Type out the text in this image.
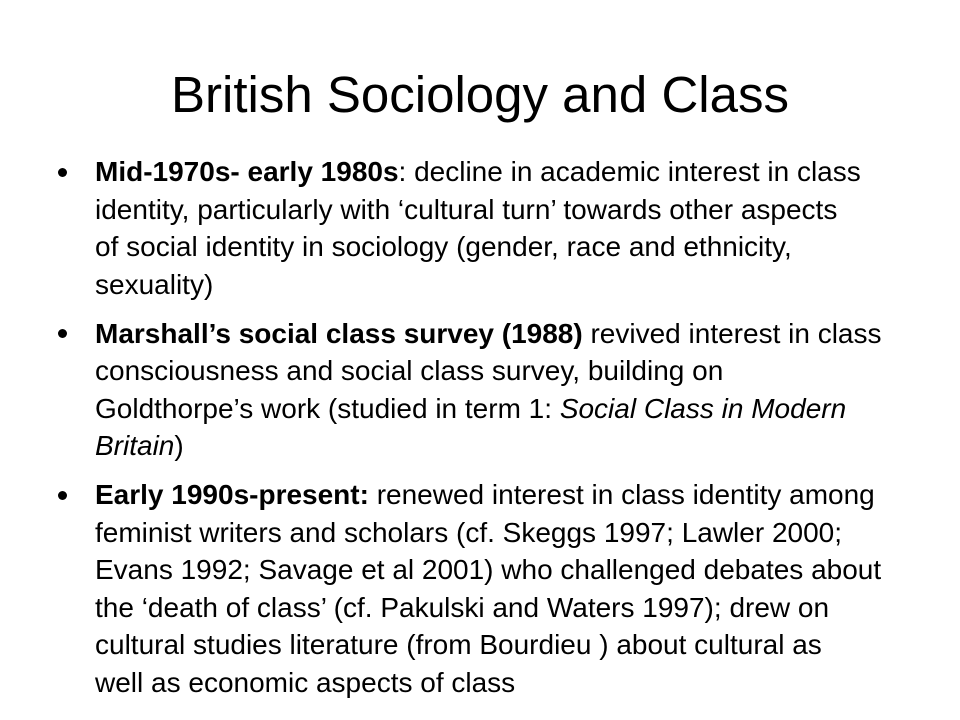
British Sociology and Class
Mid-1970s- early 1980s: decline in academic interest in class
identity, particularly with ‘cultural turn’ towards other aspects
of social identity in sociology (gender, race and ethnicity,
sexuality)
Marshall’s social class survey (1988) revived interest in class
consciousness and social class survey, building on
Goldthorpe’s work (studied in term 1: Social Class in Modern
Britain)
Early 1990s-present: renewed interest in class identity among
feminist writers and scholars (cf. Skeggs 1997; Lawler 2000;
Evans 1992; Savage et al 2001) who challenged debates about
the ‘death of class’ (cf. Pakulski and Waters 1997); drew on
cultural studies literature (from Bourdieu ) about cultural as
well as economic aspects of class
